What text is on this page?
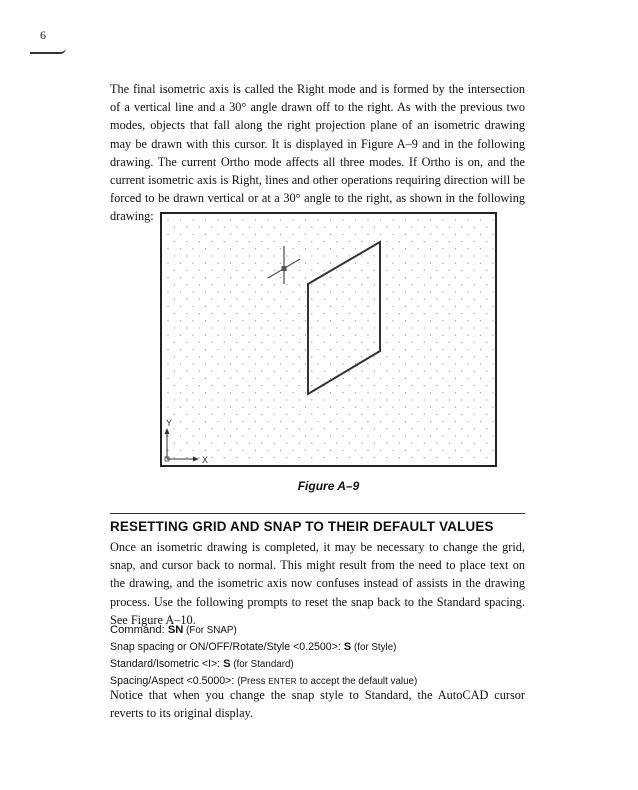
6

The final isometric axis is called the Right mode and is formed by the intersection of a vertical line and a 30° angle drawn off to the right. As with the previous two modes, objects that fall along the right projection plane of an isometric drawing may be drawn with this cursor. It is displayed in Figure A–9 and in the following drawing. The current Ortho mode affects all three modes. If Ortho is on, and the current isometric axis is Right, lines and other operations requiring direction will be forced to be drawn vertical or at a 30° angle to the right, as shown in the following drawing:

Y
X
Figure A–9
RESETTING GRID AND SNAP TO THEIR DEFAULT VALUES

Once an isometric drawing is completed, it may be necessary to change the grid, snap, and cursor back to normal. This might result from the need to place text on the drawing, and the isometric axis now confuses instead of assists in the drawing process. Use the following prompts to reset the snap back to the Standard spacing. See Figure A–10.

Command: SN (For SNAP)
Snap spacing or ON/OFF/Rotate/Style <0.2500>: S (for Style)
Standard/Isometric <I>: S (for Standard)
Spacing/Aspect <0.5000>: (Press ENTER to accept the default value)

Notice that when you change the snap style to Standard, the AutoCAD cursor reverts to its original display.
